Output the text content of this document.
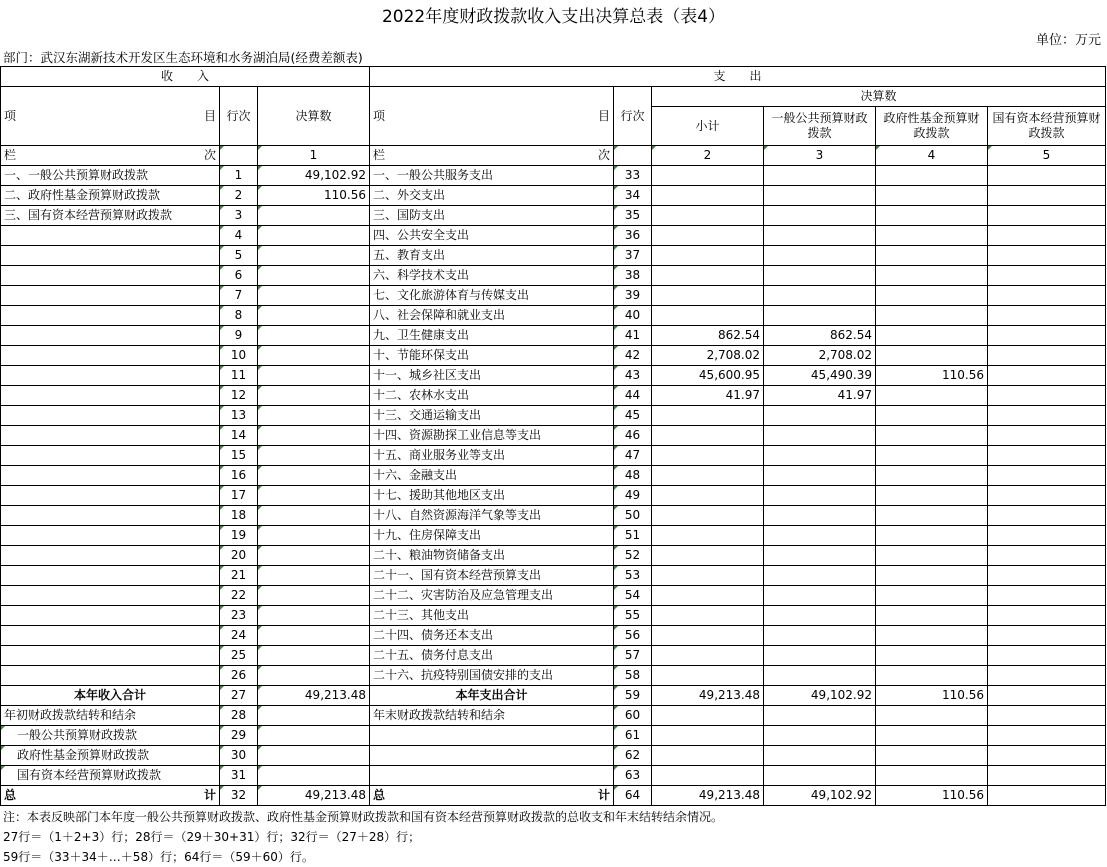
2022年度财政拨款收入支出决算总表（表4）
单位：万元
部门：武汉东湖新技术开发区生态环境和水务湖泊局(经费差额表)
收　　入			支　　出					

项 目	行次	决算数	项 目	行次	决算数			
					小计	一般公共预算财政拨款	政府性基金预算财政拨款	国有资本经营预算财政拨款

栏 次		1	栏 次		2	3	4	5
一、一般公共预算财政拨款	1	49,102.92	一、一般公共服务支出	33				
二、政府性基金预算财政拨款	2	110.56	二、外交支出	34				
三、国有资本经营预算财政拨款	3		三、国防支出	35				
	4		四、公共安全支出	36				
	5		五、教育支出	37				
	6		六、科学技术支出	38				
	7		七、文化旅游体育与传媒支出	39				
	8		八、社会保障和就业支出	40				
	9		九、卫生健康支出	41	862.54	862.54		
	10		十、节能环保支出	42	2,708.02	2,708.02		
	11		十一、城乡社区支出	43	45,600.95	45,490.39	110.56	
	12		十二、农林水支出	44	41.97	41.97		
	13		十三、交通运输支出	45				
	14		十四、资源勘探工业信息等支出	46				
	15		十五、商业服务业等支出	47				
	16		十六、金融支出	48				
	17		十七、援助其他地区支出	49				
	18		十八、自然资源海洋气象等支出	50				
	19		十九、住房保障支出	51				
	20		二十、粮油物资储备支出	52				
	21		二十一、国有资本经营预算支出	53				
	22		二十二、灾害防治及应急管理支出	54				
	23		二十三、其他支出	55				
	24		二十四、债务还本支出	56				
	25		二十五、债务付息支出	57				
	26		二十六、抗疫特别国债安排的支出	58				
本年收入合计	27	49,213.48	本年支出合计	59	49,213.48	49,102.92	110.56	
年初财政拨款结转和结余	28		年末财政拨款结转和结余	60				
一般公共预算财政拨款	29			61				
政府性基金预算财政拨款	30			62				
国有资本经营预算财政拨款	31			63				

总 计	32	49,213.48	总 计	64	49,213.48	49,102.92	110.56	
注：本表反映部门本年度一般公共预算财政拨款、政府性基金预算财政拨款和国有资本经营预算财政拨款的总收支和年末结转结余情况。
27行＝（1＋2+3）行；28行＝（29＋30+31）行；32行＝（27＋28）行；
59行＝（33＋34＋…＋58）行；64行＝（59＋60）行。
